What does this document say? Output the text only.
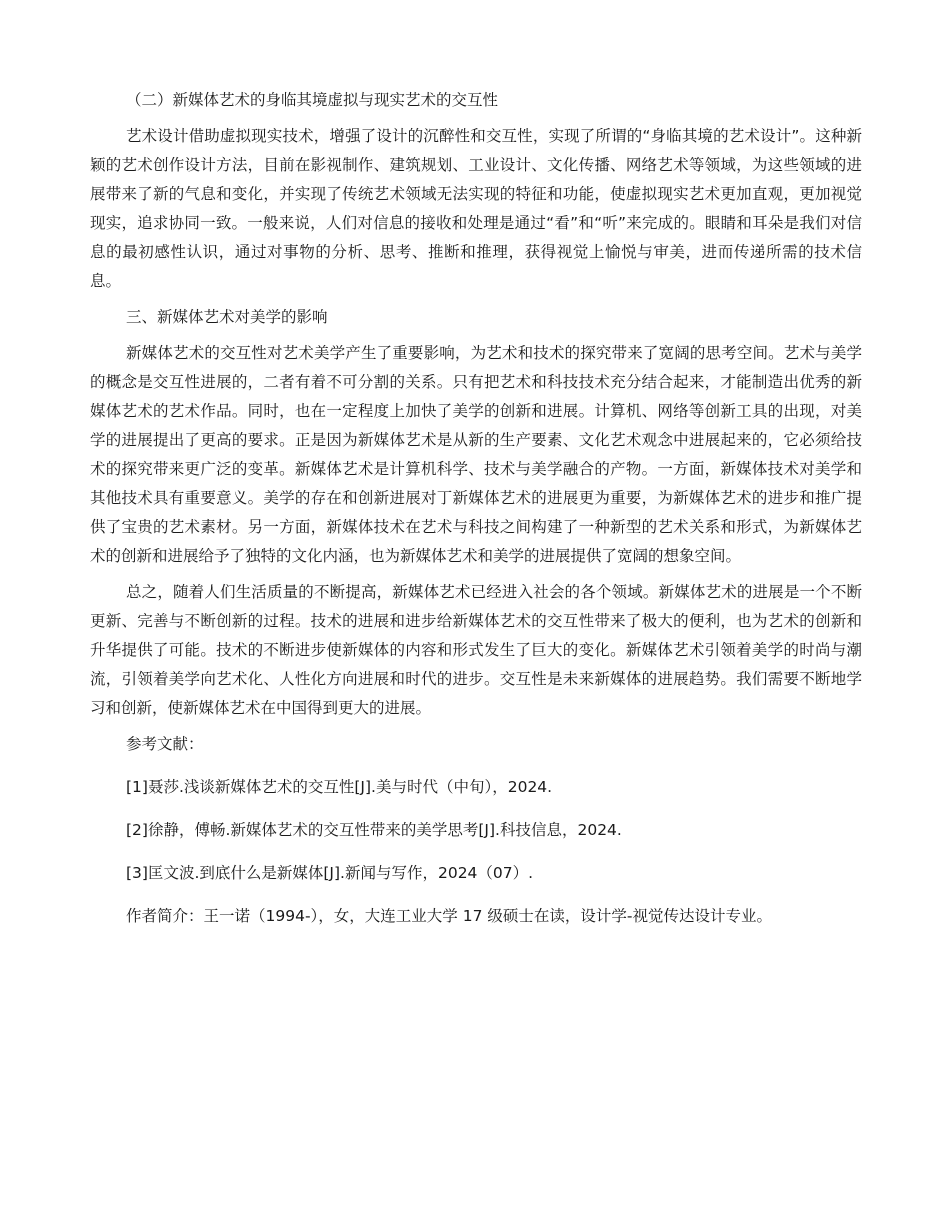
（二）新媒体艺术的身临其境虚拟与现实艺术的交互性

艺术设计借助虚拟现实技术，增强了设计的沉醉性和交互性，实现了所谓的“身临其境的艺术设计”。这种新颖的艺术创作设计方法，目前在影视制作、建筑规划、工业设计、文化传播、网络艺术等领域，为这些领域的进展带来了新的气息和变化，并实现了传统艺术领域无法实现的特征和功能，使虚拟现实艺术更加直观，更加视觉现实，追求协同一致。一般来说，人们对信息的接收和处理是通过“看”和“听”来完成的。眼睛和耳朵是我们对信息的最初感性认识，通过对事物的分析、思考、推断和推理，获得视觉上愉悦与审美，进而传递所需的技术信息。

三、新媒体艺术对美学的影响

新媒体艺术的交互性对艺术美学产生了重要影响，为艺术和技术的探究带来了宽阔的思考空间。艺术与美学的概念是交互性进展的，二者有着不可分割的关系。只有把艺术和科技技术充分结合起来，才能制造出优秀的新媒体艺术的艺术作品。同时，也在一定程度上加快了美学的创新和进展。计算机、网络等创新工具的出现，对美学的进展提出了更高的要求。正是因为新媒体艺术是从新的生产要素、文化艺术观念中进展起来的，它必须给技术的探究带来更广泛的变革。新媒体艺术是计算机科学、技术与美学融合的产物。一方面，新媒体技术对美学和其他技术具有重要意义。美学的存在和创新进展对丁新媒体艺术的进展更为重要，为新媒体艺术的进步和推广提供了宝贵的艺术素材。另一方面，新媒体技术在艺术与科技之间构建了一种新型的艺术关系和形式，为新媒体艺术的创新和进展给予了独特的文化内涵，也为新媒体艺术和美学的进展提供了宽阔的想象空间。

总之，随着人们生活质量的不断提高，新媒体艺术已经进入社会的各个领域。新媒体艺术的进展是一个不断更新、完善与不断创新的过程。技术的进展和进步给新媒体艺术的交互性带来了极大的便利，也为艺术的创新和升华提供了可能。技术的不断进步使新媒体的内容和形式发生了巨大的变化。新媒体艺术引领着美学的时尚与潮流，引领着美学向艺术化、人性化方向进展和时代的进步。交互性是未来新媒体的进展趋势。我们需要不断地学习和创新，使新媒体艺术在中国得到更大的进展。

参考文献：

[1]聂莎.浅谈新媒体艺术的交互性[J].美与时代（中旬），2024.

[2]徐静，傅畅.新媒体艺术的交互性带来的美学思考[J].科技信息，2024.

[3]匡文波.到底什么是新媒体[J].新闻与写作，2024（07）.

作者简介：王一诺（1994-），女，大连工业大学 17 级硕士在读，设计学-视觉传达设计专业。
